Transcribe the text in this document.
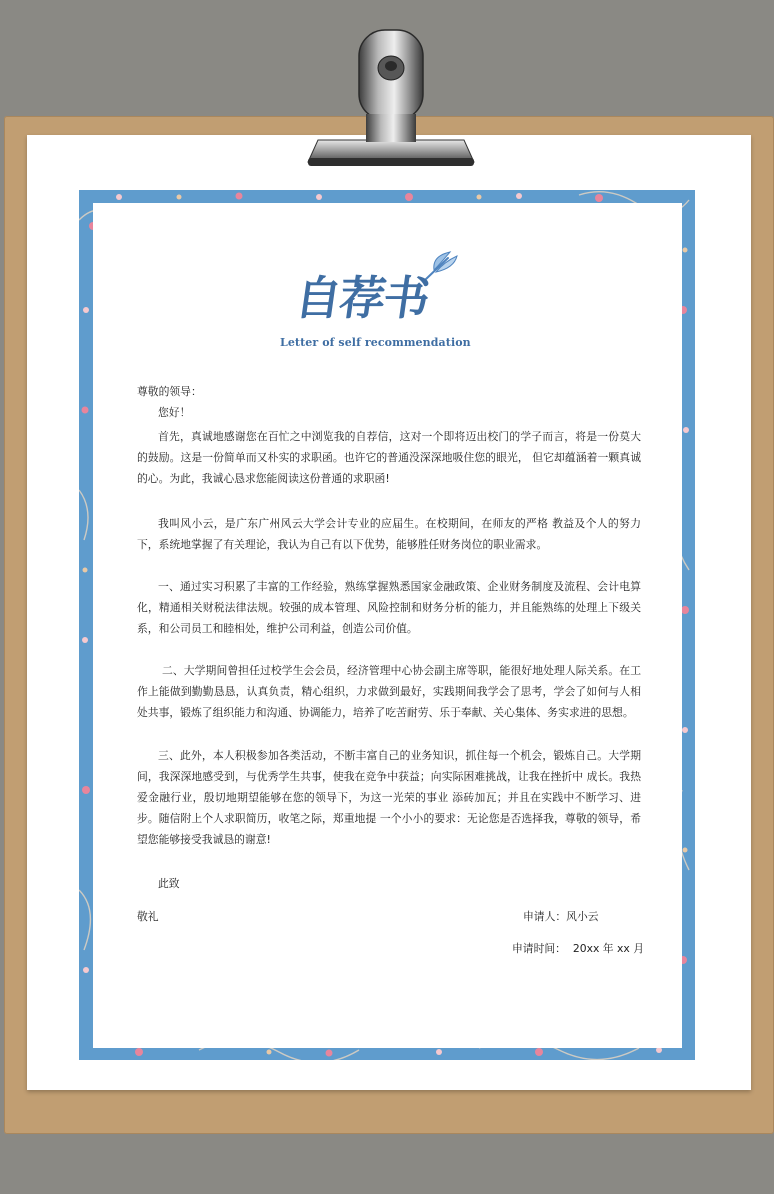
自荐书
Letter of self recommendation
尊敬的领导：
您好！

首先，真诚地感谢您在百忙之中浏览我的自荐信，这对一个即将迈出校门的学子而言，将是一份莫大的鼓励。这是一份简单而又朴实的求职函。也许它的普通没深深地吸住您的眼光， 但它却蕴涵着一颗真诚的心。为此，我诚心恳求您能阅读这份普通的求职函!

我叫风小云，是广东广州风云大学会计专业的应届生。在校期间，在师友的严格 教益及个人的努力下，系统地掌握了有关理论，我认为自己有以下优势，能够胜任财务岗位的职业需求。

一、通过实习积累了丰富的工作经验，熟练掌握熟悉国家金融政策、企业财务制度及流程、会计电算化，精通相关财税法律法规。较强的成本管理、风险控制和财务分析的能力，并且能熟练的处理上下级关系，和公司员工和睦相处，维护公司利益，创造公司价值。

二、大学期间曾担任过校学生会会员，经济管理中心协会副主席等职，能很好地处理人际关系。在工作上能做到勤勤恳恳，认真负责，精心组织，力求做到最好，实践期间我学会了思考，学会了如何与人相处共事，锻炼了组织能力和沟通、协调能力，培养了吃苦耐劳、乐于奉献、关心集体、务实求进的思想。

三、此外，本人积极参加各类活动，不断丰富自己的业务知识，抓住每一个机会，锻炼自己。大学期间，我深深地感受到，与优秀学生共事，使我在竞争中获益；向实际困难挑战，让我在挫折中 成长。我热爱金融行业，殷切地期望能够在您的领导下，为这一光荣的事业 添砖加瓦；并且在实践中不断学习、进步。随信附上个人求职简历，收笔之际，郑重地提 一个小小的要求：无论您是否选择我，尊敬的领导，希望您能够接受我诚恳的谢意!

此致
敬礼	申请人：风小云
申请时间：  20xx 年 xx 月
